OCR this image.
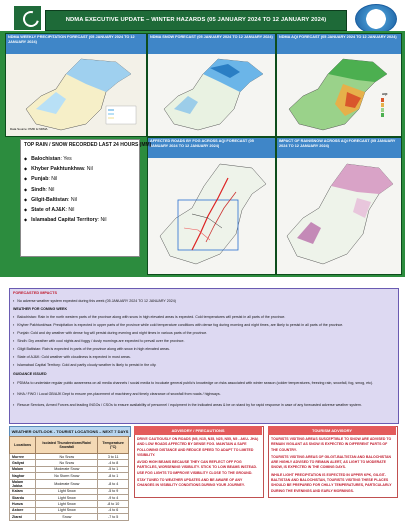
NDMA EXECUTIVE UPDATE – WINTER HAZARDS (05 JANUARY 2024 TO 12 JANUARY 2024)
NDMA WEEKLY PRECIPITATION FORECAST (05 JANUARY 2024 TO 12 JANUARY 2024)
Data Source: PMD & NDMA
NDMA SNOW FORECAST (05 JANUARY 2024 TO 12 JANUARY 2024)	NDMA AQI FORECAST (05 JANUARY 2024 TO 12 JANUARY 2024)
AQI
AFFECTED ROADS BY FOG ACROSS AQI FORECAST (05 JANUARY 2024 TO 12 JANUARY 2024)
IMPACT OF RAIN/SNOW ACROSS AQI FORECAST (05 JANUARY 2024 TO 12 JANUARY 2024)
TOP RAIN / SNOW RECORDED LAST 24 HOURS (MM)
◆ Balochistan: Yes
◆ Khyber Pakhtunkhwa: Nil
◆ Punjab: Nil
◆ Sindh: Nil
◆ Gilgit-Baltistan: Nil
◆ State of AJ&K: Nil
◆ Islamabad Capital Territory: Nil
FORECASTED IMPACTS
▪ No adverse weather system expected during this week (05 JANUARY 2024 TO 12 JANUARY 2024)
WEATHER FOR COMING WEEK
▪ Balochistan: Rain in the north western parts of the province along with snow in high elevated areas is expected. Cold temperatures will persist in all parts of the province.
▪ Khyber Pakhtunkhwa: Precipitation is expected in upper parts of the province while cold temperature conditions with dense fog during morning and night times, are likely to persist in all parts of the province.
▪ Punjab: Cold and dry weather with dense fog will persist during evening and night times in various parts of the province.
▪ Sindh: Dry weather with cool nights and foggy / dusty mornings are expected to prevail over the province.
▪ Gilgit Baltistan: Rain is expected in parts of the province along with snow in high elevated areas.
▪ State of AJ&K: Cold weather with cloudiness is expected in most areas.
▪ Islamabad Capital Territory: Cold and partly cloudy weather is likely to persist in the city.
GUIDANCE ISSUED
▪ PDMAs to undertake regular public awareness on all media channels / social media to inculcate general public's knowledge on risks associated with winter season (colder temperatures, freezing rain, snowfall, fog, smog, etc).
▪ NHA / FWO / Local GB/AJK Dept to ensure pre-placement of machinery and timely clearance of snowfall from roads / highways.
▪ Rescue Services, Armed Forces and leading INGOs / CSOs to ensure availability of personnel / equipment in the indicated areas & be on stand by for rapid response in case of any forecasted adverse weather system.
WEATHER OUTLOOK - TOURIST LOCATIONS – NEXT 7 DAYS
Locations	Isolated Thunderstorm/Rain/ Snowfall	Temperature (°C)
Murree	No Snow	3 to 11
Galiyat	No Snow	-4 to 8
Malam	Moderate Snow	-5 to 1
Naghar	No Storm Snow	-8 to 1
Malam Jabba	Moderate Snow	-8 to 4
Kalam	Light Snow	-5 to 9
Skardu	Light Snow	-9 to 4
Hunza	Light Snow	-8 to 10
Astore	Light Snow	-4 to 6
Ziarat	Snow	-7 to 5
ADVISORY / PRECAUTIONS
DRIVE CAUTIOUSLY ON ROADS (N5, N15, N35, N25, N55, N5 - AKU- JHA) AND LOW ROADS AFFECTED BY DENSE FOG. MAINTAIN A SAFE FOLLOWING DISTANCE AND REDUCE SPEED TO ADAPT TO LIMITED VISIBILITY.
AVOID HIGH BEAMS BECAUSE THEY CAN REFLECT OFF FOG PARTICLES, WORSENING VISIBILITY. STICK TO LOW BEAMS INSTEAD. USE FOG LIGHTS TO IMPROVE VISIBILITY CLOSE TO THE GROUND.
STAY TUNED TO WEATHER UPDATES AND BE AWARE OF ANY CHANGES IN VISIBILITY CONDITIONS DURING YOUR JOURNEY.
TOURISM ADVISORY
TOURISTS VISITING AREAS SUSCEPTIBLE TO SNOW ARE ADVISED TO REMAIN VIGILANT AS SNOW IS EXPECTED IN DIFFERENT PARTS OF THE COUNTRY.
TOURISTS VISITING AREAS OF GILGIT-BALTISTAN AND BALOCHISTAN ARE HIGHLY ADVISED TO REMAIN ALERT, AS LIGHT TO MODERATE SNOW, IS EXPECTED IN THE COMING DAYS.
WHILE LIGHT PRECIPITATION IS EXPECTED IN UPPER KPK, GILGIT-BALTISTAN AND BALOCHISTAN, TOURISTS VISITING THESE PLACES SHOULD BE PREPARED FOR CHILLY TEMPERATURES, PARTICULARLY DURING THE EVENINGS AND EARLY MORNINGS.
